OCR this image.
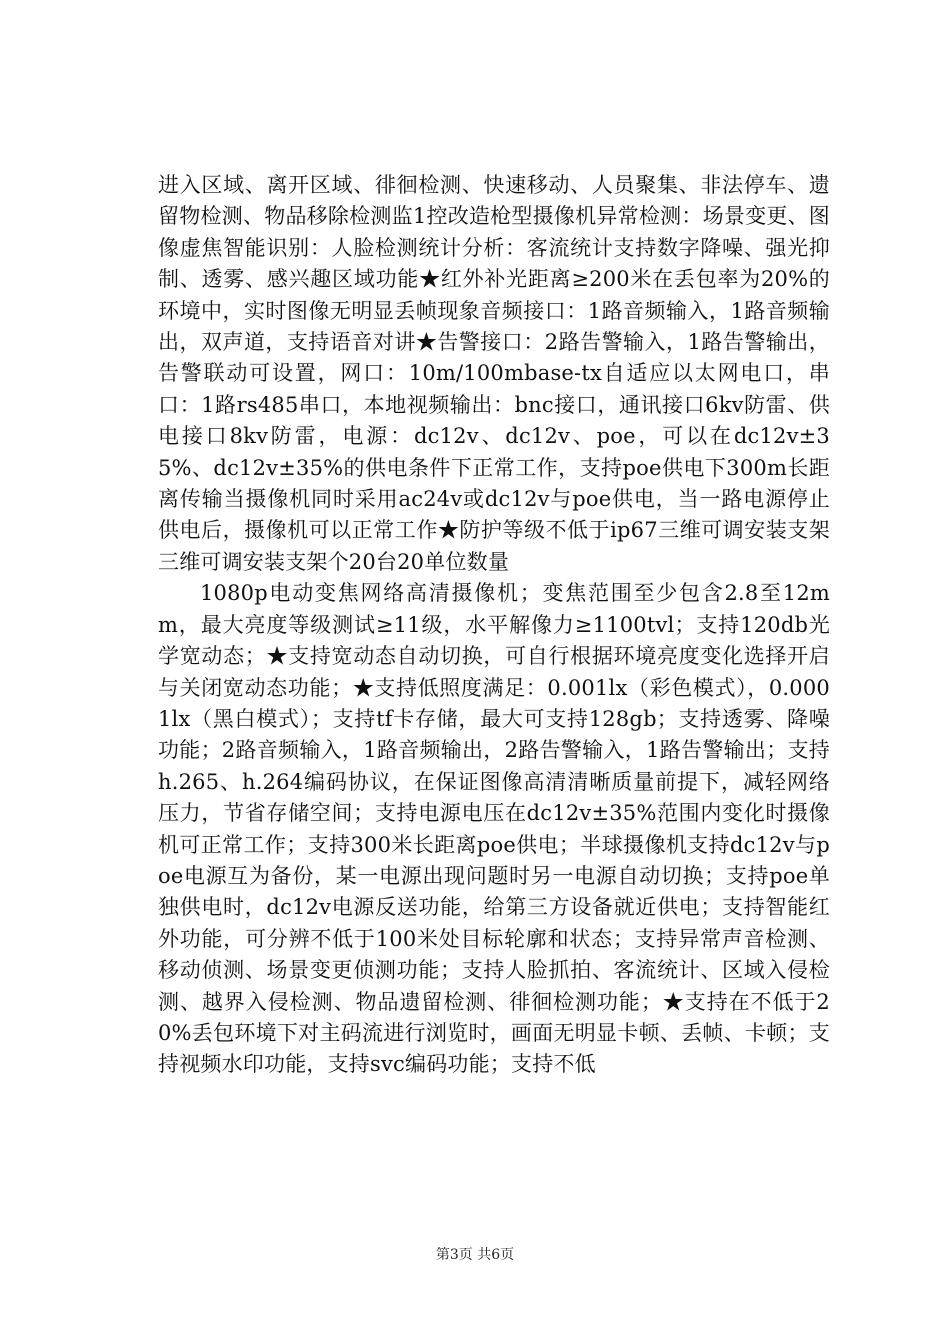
进入区域、离开区域、徘徊检测、快速移动、人员聚集、非法停车、遗留物检测、物品移除检测监1控改造枪型摄像机异常检测：场景变更、图像虚焦智能识别：人脸检测统计分析：客流统计支持数字降噪、强光抑制、透雾、感兴趣区域功能★红外补光距离≥200米在丢包率为20%的环境中，实时图像无明显丢帧现象音频接口：1路音频输入，1路音频输出，双声道，支持语音对讲★告警接口：2路告警输入，1路告警输出，告警联动可设置，网口：10m/100mbase-tx自适应以太网电口，串口：1路rs485串口，本地视频输出：bnc接口，通讯接口6kv防雷、供电接口8kv防雷，电源：dc12v、dc12v、poe，可以在dc12v±35%、dc12v±35%的供电条件下正常工作，支持poe供电下300m长距离传输当摄像机同时采用ac24v或dc12v与poe供电，当一路电源停止供电后，摄像机可以正常工作★防护等级不低于ip67三维可调安装支架三维可调安装支架个20台20单位数量

1080p电动变焦网络高清摄像机；变焦范围至少包含2.8至12mm，最大亮度等级测试≥11级，水平解像力≥1100tvl；支持120db光学宽动态；★支持宽动态自动切换，可自行根据环境亮度变化选择开启与关闭宽动态功能；★支持低照度满足：0.001lx（彩色模式），0.0001lx（黑白模式）；支持tf卡存储，最大可支持128gb；支持透雾、降噪功能；2路音频输入，1路音频输出，2路告警输入，1路告警输出；支持h.265、h.264编码协议，在保证图像高清清晰质量前提下，减轻网络压力，节省存储空间；支持电源电压在dc12v±35%范围内变化时摄像机可正常工作；支持300米长距离poe供电；半球摄像机支持dc12v与poe电源互为备份，某一电源出现问题时另一电源自动切换；支持poe单独供电时，dc12v电源反送功能，给第三方设备就近供电；支持智能红外功能，可分辨不低于100米处目标轮廓和状态；支持异常声音检测、移动侦测、场景变更侦测功能；支持人脸抓拍、客流统计、区域入侵检测、越界入侵检测、物品遗留检测、徘徊检测功能；★支持在不低于20%丢包环境下对主码流进行浏览时，画面无明显卡顿、丢帧、卡顿；支持视频水印功能，支持svc编码功能；支持不低

第3页 共6页
